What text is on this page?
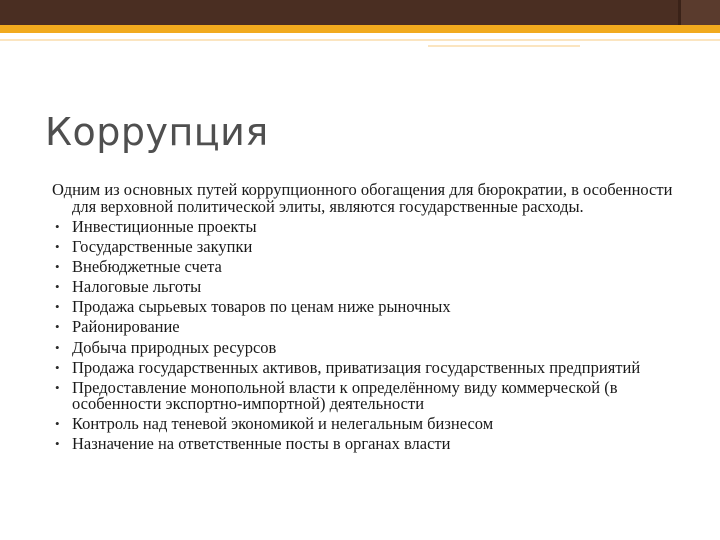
Коррупция

Одним из основных путей коррупционного обогащения для бюрократии, в особенности для верховной политической элиты, являются государственные расходы.

• Инвестиционные проекты
• Государственные закупки
• Внебюджетные счета
• Налоговые льготы
• Продажа сырьевых товаров по ценам ниже рыночных
• Районирование
• Добыча природных ресурсов
• Продажа государственных активов, приватизация государственных предприятий
• Предоставление монопольной власти к определённому виду коммерческой (в особенности экспортно-импортной) деятельности
• Контроль над теневой экономикой и нелегальным бизнесом
• Назначение на ответственные посты в органах власти
